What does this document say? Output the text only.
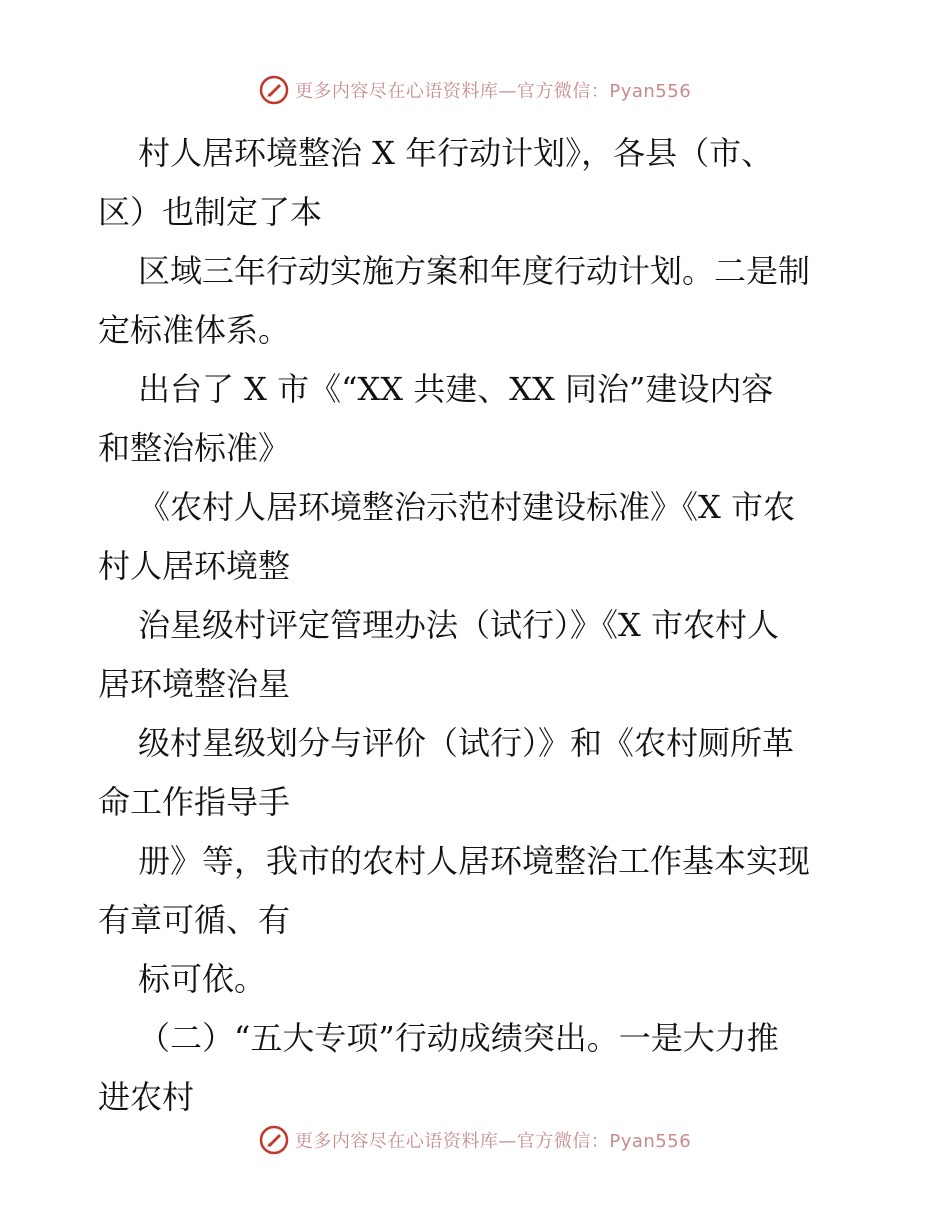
更多内容尽在心语资料库—官方微信：Pyan556
村人居环境整治 X 年行动计划》，各县（市、
区）也制定了本
区域三年行动实施方案和年度行动计划。二是制
定标准体系。
出台了 X 市《“XX 共建、XX 同治”建设内容
和整治标准》
《农村人居环境整治示范村建设标准》《X 市农
村人居环境整
治星级村评定管理办法（试行）》《X 市农村人
居环境整治星
级村星级划分与评价（试行）》和《农村厕所革
命工作指导手
册》等，我市的农村人居环境整治工作基本实现
有章可循、有
标可依。
（二）“五大专项”行动成绩突出。一是大力推
进农村
更多内容尽在心语资料库—官方微信：Pyan556
